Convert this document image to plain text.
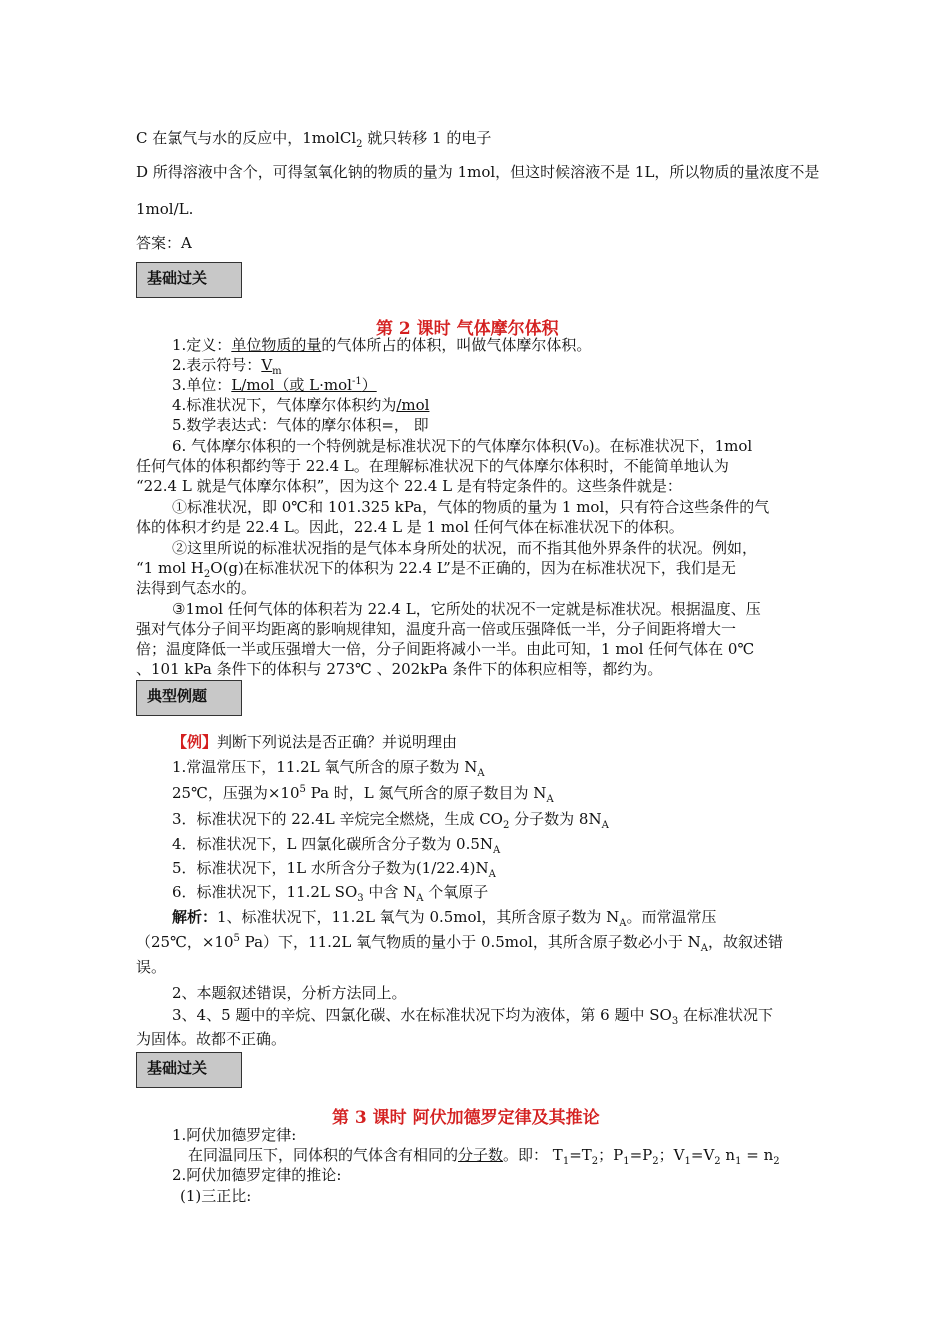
C 在氯气与水的反应中，1molCl$_2$ 就只转移 1 的电子
D 所得溶液中含个，可得氢氧化钠的物质的量为 1mol，但这时候溶液不是 1L，所以物质的量浓度不是
1mol/L.
答案：A
基础过关
第 2 课时 气体摩尔体积
1.定义：单位物质的量的气体所占的体积，叫做气体摩尔体积。
2.表示符号：$V_m$
3.单位：L/mol（或 L·mol$^{-1}$）
4.标准状况下，气体摩尔体积约为/mol
5.数学表达式：气体的摩尔体积=， 即
6. 气体摩尔体积的一个特例就是标准状况下的气体摩尔体积(V₀)。在标准状况下，1mol
任何气体的体积都约等于 22.4 L。在理解标准状况下的气体摩尔体积时，不能简单地认为
“22.4 L 就是气体摩尔体积”，因为这个 22.4 L 是有特定条件的。这些条件就是：
①标准状况，即 0℃和 101.325 kPa，气体的物质的量为 1 mol，只有符合这些条件的气
体的体积才约是 22.4 L。因此，22.4 L 是 1 mol 任何气体在标准状况下的体积。
②这里所说的标准状况指的是气体本身所处的状况，而不指其他外界条件的状况。例如，
“1 mol $H_2O(g)$在标准状况下的体积为 22.4 L”是不正确的，因为在标准状况下，我们是无
法得到气态水的。
③1mol 任何气体的体积若为 22.4 L，它所处的状况不一定就是标准状况。根据温度、压
强对气体分子间平均距离的影响规律知，温度升高一倍或压强降低一半，分子间距将增大一
倍；温度降低一半或压强增大一倍，分子间距将减小一半。由此可知，1 mol 任何气体在 0℃
、101 kPa 条件下的体积与 273℃ 、202kPa 条件下的体积应相等，都约为。
典型例题
【例】判断下列说法是否正确？并说明理由
1.常温常压下，11.2L 氧气所含的原子数为 $N_A$
25℃，压强为$\times 10^5$ Pa 时，L 氮气所含的原子数目为 $N_A$
3．标准状况下的 22.4L 辛烷完全燃烧，生成 $CO_2$ 分子数为 $8N_A$
4．标准状况下，L 四氯化碳所含分子数为 $0.5N_A$
5．标准状况下，1L 水所含分子数为$(1/22.4)N_A$
6．标准状况下，11.2L $SO_3$ 中含 $N_A$ 个氧原子
解析：1、标准状况下，11.2L 氧气为 0.5mol，其所含原子数为 $N_A$。而常温常压
（25℃，$\times 10^5$ Pa）下，11.2L 氧气物质的量小于 0.5mol，其所含原子数必小于 $N_A$，故叙述错
误。
2、本题叙述错误，分析方法同上。
3、4、5 题中的辛烷、四氯化碳、水在标准状况下均为液体，第 6 题中 $SO_3$ 在标准状况下
为固体。故都不正确。
基础过关
第 3 课时 阿伏加德罗定律及其推论
1.阿伏加德罗定律:
在同温同压下，同体积的气体含有相同的分子数。即： $T_1=T_2$；$P_1=P_2$；$V_1=V_2$ $n_1 = n_2$
2.阿伏加德罗定律的推论:
(1)三正比:
